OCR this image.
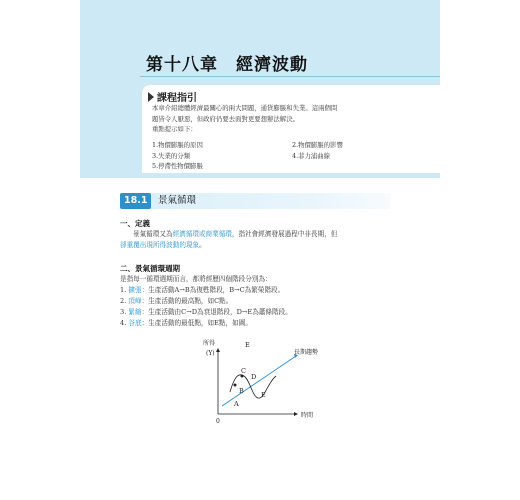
第十八章　經濟波動
課程指引
本章介紹總體經濟最關心的兩大問題，通貨膨脹和失業。這兩個問
題皆令人厭惡，但政府仍要去面對更要想辦法解決。
重點提示如下：
1.物價膨脹的原因	2.物價膨脹的影響
3.失業的分類	4.菲力浦曲線
5.停滯性物價膨脹
18.1	景氣循環
一、定義
景氣循環又為經濟循環或商業循環，指社會經濟發展過程中非長期，但
卻重覆出現所得波動的現象。
二、景氣循環週期
是指每一循環週期而言，都將經歷四個階段分別為：
1. 擴張：生產活動A→B為復甦階段，B→C為繁榮階段。
2. 頂峰：生產活動的最高點，如C點。
3. 緊縮：生產活動由C→D為衰退階段，D→E為蕭條階段。
4. 谷底：生產活動的最低點，如E點，如圖。
所得
(Y)
0
時間
長期趨勢
A
B
C
D
E
E
